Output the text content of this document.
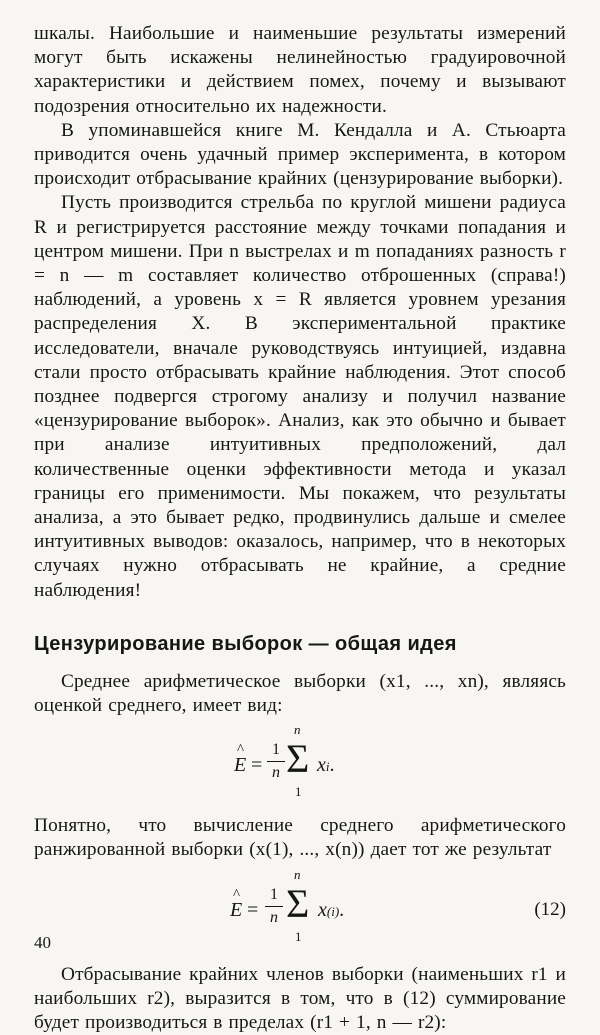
шкалы. Наибольшие и наименьшие результаты измерений могут быть искажены нелинейностью градуировочной характеристики и действием помех, почему и вызывают подозрения относительно их надежности.

В упоминавшейся книге М. Кендалла и А. Стьюарта приводится очень удачный пример эксперимента, в котором происходит отбрасывание крайних (цензурирование выборки).

Пусть производится стрельба по круглой мишени радиуса R и регистрируется расстояние между точками попадания и центром мишени. При n выстрелах и m попаданиях разность r = n — m составляет количество отброшенных (справа!) наблюдений, а уровень x = R является уровнем урезания распределения X. В экспериментальной практике исследователи, вначале руководствуясь интуицией, издавна стали просто отбрасывать крайние наблюдения. Этот способ позднее подвергся строгому анализу и получил название «цензурирование выборок». Анализ, как это обычно и бывает при анализе интуитивных предположений, дал количественные оценки эффективности метода и указал границы его применимости. Мы покажем, что результаты анализа, а это бывает редко, продвинулись дальше и смелее интуитивных выводов: оказалось, например, что в некоторых случаях нужно отбрасывать не крайние, а средние наблюдения!

Цензурирование выборок — общая идея

Среднее арифметическое выборки (x1, ..., xn), являясь оценкой среднего, имеет вид:

E
^
=
1
n
n
Σ
1
xi.

Понятно, что вычисление среднего арифметического ранжированной выборки (x(1), ..., x(n)) дает тот же результат

E
^
=
1
n
n
Σ
1
x(i).	(12)

Отбрасывание крайних членов выборки (наименьших r1 и наибольших r2), выразится в том, что в (12) суммирование будет производиться в пределах (r1 + 1, n — r2):

40
